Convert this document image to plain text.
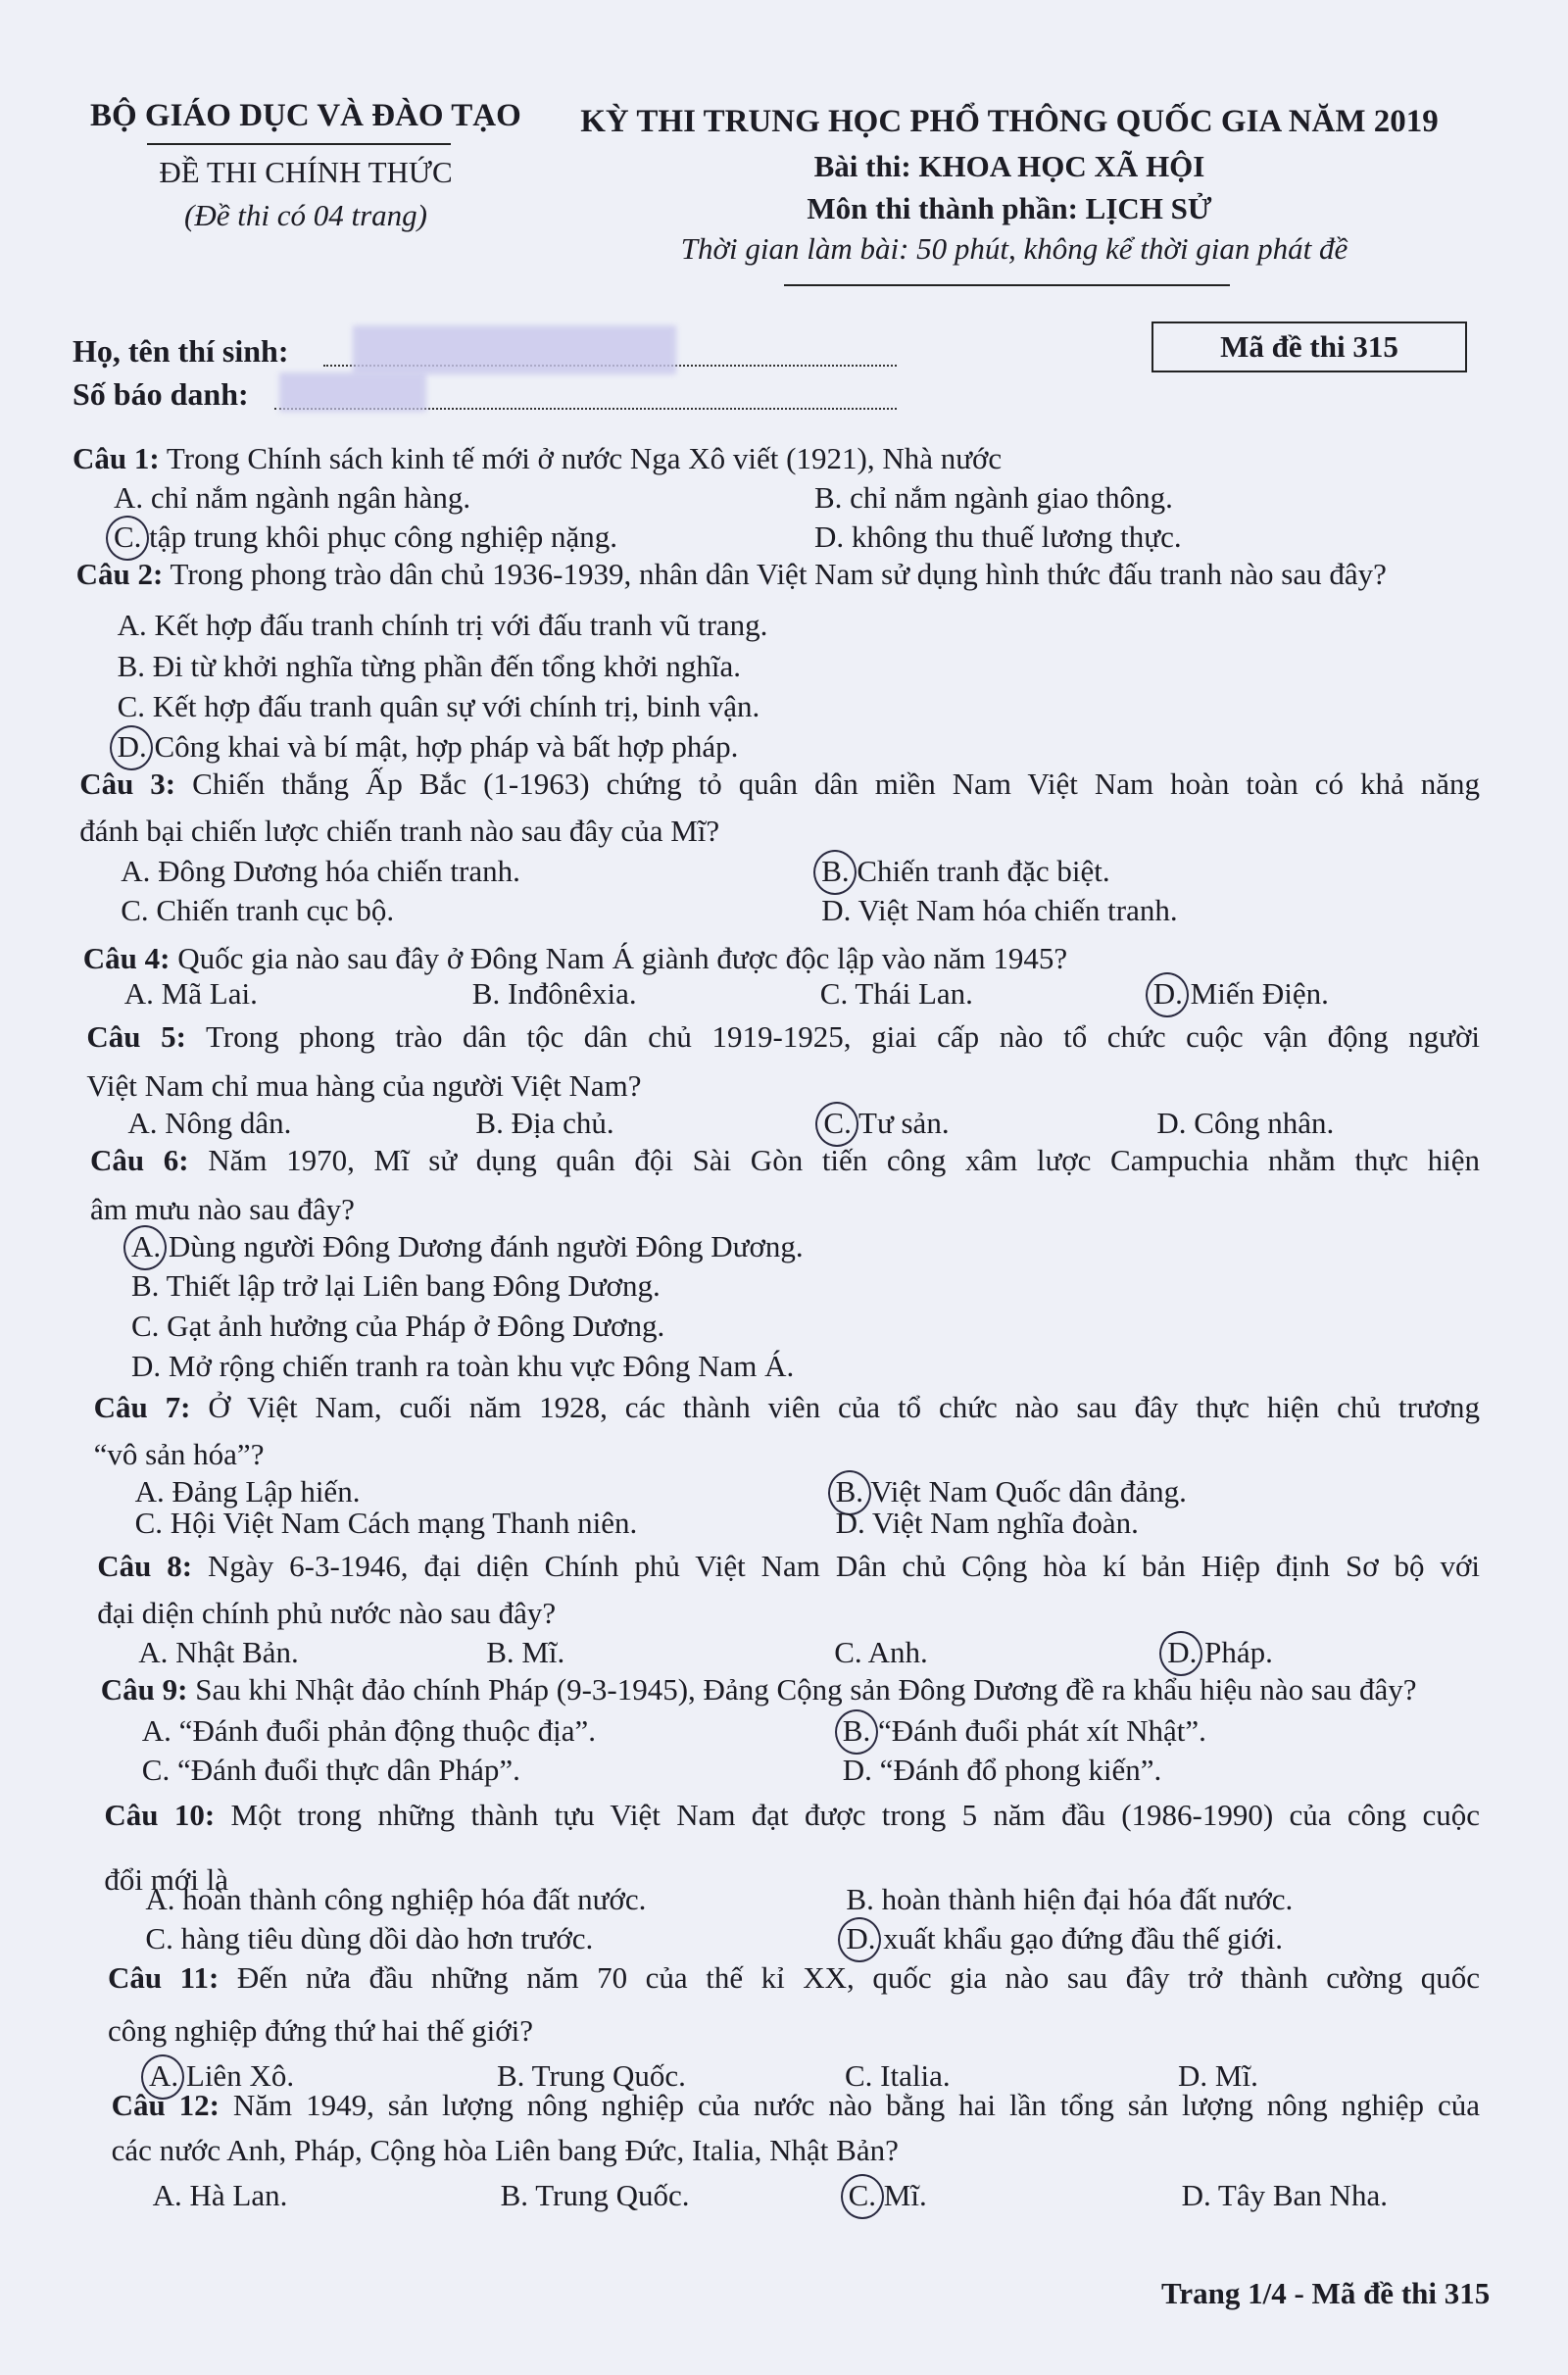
BỘ GIÁO DỤC VÀ ĐÀO TẠO
ĐỀ THI CHÍNH THỨC
(Đề thi có 04 trang)
KỲ THI TRUNG HỌC PHỔ THÔNG QUỐC GIA NĂM 2019
Bài thi: KHOA HỌC XÃ HỘI
Môn thi thành phần: LỊCH SỬ
Thời gian làm bài: 50 phút, không kể thời gian phát đề
Họ, tên thí sinh:
Số báo danh:
Mã đề thi 315
Câu 1: Trong Chính sách kinh tế mới ở nước Nga Xô viết (1921), Nhà nước
A. chỉ nắm ngành ngân hàng.	B. chỉ nắm ngành giao thông.
C. tập trung khôi phục công nghiệp nặng.	D. không thu thuế lương thực.
Câu 2: Trong phong trào dân chủ 1936-1939, nhân dân Việt Nam sử dụng hình thức đấu tranh nào sau đây?
A. Kết hợp đấu tranh chính trị với đấu tranh vũ trang.
B. Đi từ khởi nghĩa từng phần đến tổng khởi nghĩa.
C. Kết hợp đấu tranh quân sự với chính trị, binh vận.
D. Công khai và bí mật, hợp pháp và bất hợp pháp.
Câu 3: Chiến thắng Ấp Bắc (1-1963) chứng tỏ quân dân miền Nam Việt Nam hoàn toàn có khả năng
đánh bại chiến lược chiến tranh nào sau đây của Mĩ?
A. Đông Dương hóa chiến tranh.	B. Chiến tranh đặc biệt.
C. Chiến tranh cục bộ.	D. Việt Nam hóa chiến tranh.
Câu 4: Quốc gia nào sau đây ở Đông Nam Á giành được độc lập vào năm 1945?
A. Mã Lai.	B. Inđônêxia.	C. Thái Lan.	D. Miến Điện.
Câu 5: Trong phong trào dân tộc dân chủ 1919-1925, giai cấp nào tổ chức cuộc vận động người
Việt Nam chỉ mua hàng của người Việt Nam?
A. Nông dân.	B. Địa chủ.	C. Tư sản.	D. Công nhân.
Câu 6: Năm 1970, Mĩ sử dụng quân đội Sài Gòn tiến công xâm lược Campuchia nhằm thực hiện
âm mưu nào sau đây?
A. Dùng người Đông Dương đánh người Đông Dương.
B. Thiết lập trở lại Liên bang Đông Dương.
C. Gạt ảnh hưởng của Pháp ở Đông Dương.
D. Mở rộng chiến tranh ra toàn khu vực Đông Nam Á.
Câu 7: Ở Việt Nam, cuối năm 1928, các thành viên của tổ chức nào sau đây thực hiện chủ trương
“vô sản hóa”?
A. Đảng Lập hiến.	B. Việt Nam Quốc dân đảng.
C. Hội Việt Nam Cách mạng Thanh niên.	D. Việt Nam nghĩa đoàn.
Câu 8: Ngày 6-3-1946, đại diện Chính phủ Việt Nam Dân chủ Cộng hòa kí bản Hiệp định Sơ bộ với
đại diện chính phủ nước nào sau đây?
A. Nhật Bản.	B. Mĩ.	C. Anh.	D. Pháp.
Câu 9: Sau khi Nhật đảo chính Pháp (9-3-1945), Đảng Cộng sản Đông Dương đề ra khẩu hiệu nào sau đây?
A. “Đánh đuổi phản động thuộc địa”.	B. “Đánh đuổi phát xít Nhật”.
C. “Đánh đuổi thực dân Pháp”.	D. “Đánh đổ phong kiến”.
Câu 10: Một trong những thành tựu Việt Nam đạt được trong 5 năm đầu (1986-1990) của công cuộc
đổi mới là
A. hoàn thành công nghiệp hóa đất nước.	B. hoàn thành hiện đại hóa đất nước.
C. hàng tiêu dùng dồi dào hơn trước.	D. xuất khẩu gạo đứng đầu thế giới.
Câu 11: Đến nửa đầu những năm 70 của thế kỉ XX, quốc gia nào sau đây trở thành cường quốc
công nghiệp đứng thứ hai thế giới?
A. Liên Xô.	B. Trung Quốc.	C. Italia.	D. Mĩ.
Câu 12: Năm 1949, sản lượng nông nghiệp của nước nào bằng hai lần tổng sản lượng nông nghiệp của
các nước Anh, Pháp, Cộng hòa Liên bang Đức, Italia, Nhật Bản?
A. Hà Lan.	B. Trung Quốc.	C. Mĩ.	D. Tây Ban Nha.
Trang 1/4 - Mã đề thi 315
